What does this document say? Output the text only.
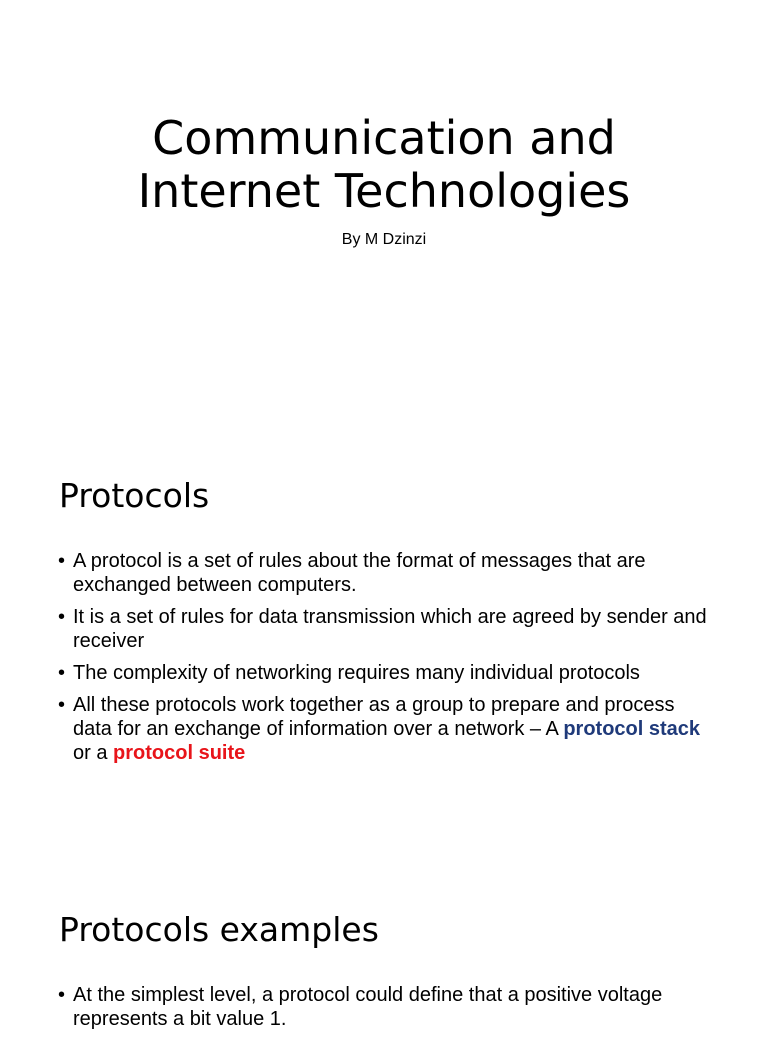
Communication and
Internet Technologies
By M Dzinzi
Protocols
• A protocol is a set of rules about the format of messages that are exchanged between computers.
• It is a set of rules for data transmission which are agreed by sender and receiver
• The complexity of networking requires many individual protocols
• All these protocols work together as a group to prepare and process data for an exchange of information over a network – A protocol stack or a protocol suite
Protocols examples
• At the simplest level, a protocol could define that a positive voltage represents a bit value 1.
